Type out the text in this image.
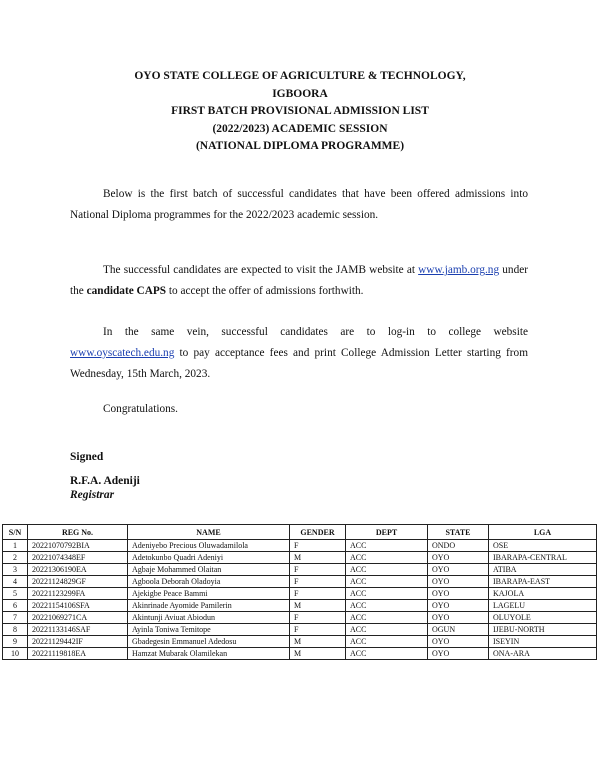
OYO STATE COLLEGE OF AGRICULTURE & TECHNOLOGY,
IGBOORA
FIRST BATCH PROVISIONAL ADMISSION LIST
(2022/2023) ACADEMIC SESSION
(NATIONAL DIPLOMA PROGRAMME)
Below is the first batch of successful candidates that have been offered admissions into National Diploma programmes for the 2022/2023 academic session.
The successful candidates are expected to visit the JAMB website at www.jamb.org.ng under the candidate CAPS to accept the offer of admissions forthwith.
In the same vein, successful candidates are to log-in to college website www.oyscatech.edu.ng to pay acceptance fees and print College Admission Letter starting from Wednesday, 15th March, 2023.
Congratulations.
Signed
R.F.A. Adeniji
Registrar
S/N	REG No.	NAME	GENDER	DEPT	STATE	LGA
1	20221070792BIA	Adeniyebo Precious Oluwadamilola	F	ACC	ONDO	OSE
2	20221074348EF	Adetokunbo Quadri Adeniyi	M	ACC	OYO	IBARAPA-CENTRAL
3	20221306190EA	Agbaje Mohammed Olaitan	F	ACC	OYO	ATIBA
4	20221124829GF	Agboola Deborah Oladoyia	F	ACC	OYO	IBARAPA-EAST
5	20221123299FA	Ajekigbe Peace Bammi	F	ACC	OYO	KAJOLA
6	20221154106SFA	Akinrinade Ayomide Pamilerin	M	ACC	OYO	LAGELU
7	20221069271CA	Akintunji Aviuat Abiodun	F	ACC	OYO	OLUYOLE
8	20221133146SAF	Ayinla Toniwa Temitope	F	ACC	OGUN	IJEBU-NORTH
9	20221129442IF	Gbadegesin Emmanuel Adedosu	M	ACC	OYO	ISEYIN
10	20221119818EA	Hamzat Mubarak Olamilekan	M	ACC	OYO	ONA-ARA
